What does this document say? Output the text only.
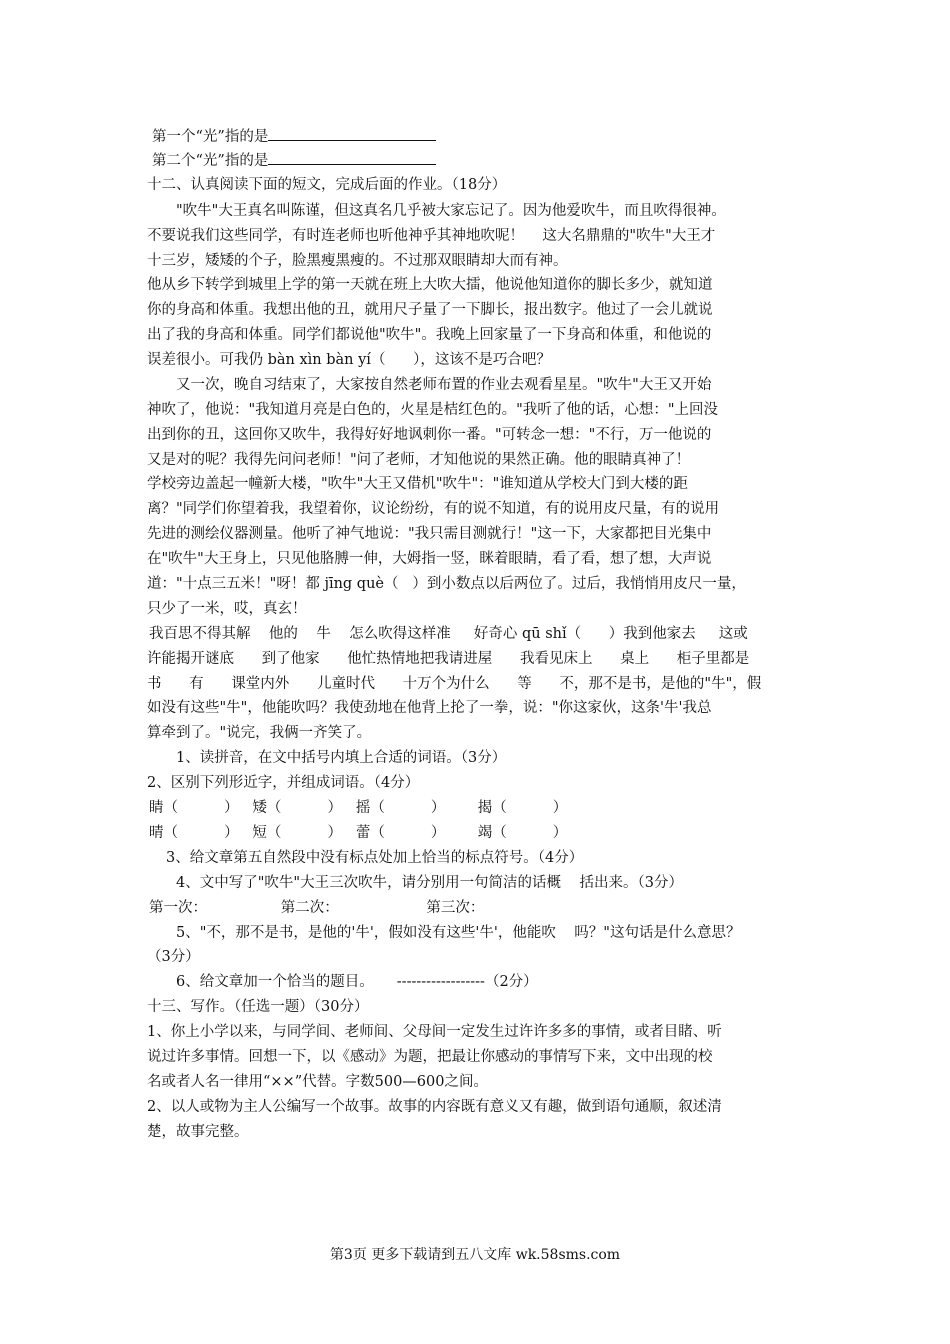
第一个“光”指的是
第二个“光”指的是
十二、认真阅读下面的短文，完成后面的作业。（18分）
"吹牛"大王真名叫陈谨，但这真名几乎被大家忘记了。因为他爱吹牛，而且吹得很神。
不要说我们这些同学，有时连老师也听他神乎其神地吹呢！    这大名鼎鼎的"吹牛"大王才
十三岁，矮矮的个子，脸黑瘦黑瘦的。不过那双眼睛却大而有神。
他从乡下转学到城里上学的第一天就在班上大吹大擂，他说他知道你的脚长多少，就知道
你的身高和体重。我想出他的丑，就用尺子量了一下脚长，报出数字。他过了一会儿就说
出了我的身高和体重。同学们都说他"吹牛"。我晚上回家量了一下身高和体重，和他说的
误差很小。可我仍 bàn xìn bàn yí（      ），这该不是巧合吧？
又一次，晚自习结束了，大家按自然老师布置的作业去观看星星。"吹牛"大王又开始
神吹了，他说："我知道月亮是白色的，火星是桔红色的。"我听了他的话，心想："上回没
出到你的丑，这回你又吹牛，我得好好地讽刺你一番。"可转念一想："不行，万一他说的
又是对的呢？我得先问问老师！"问了老师，才知他说的果然正确。他的眼睛真神了！
学校旁边盖起一幢新大楼，"吹牛"大王又借机"吹牛"："谁知道从学校大门到大楼的距
离？"同学们你望着我，我望着你，议论纷纷，有的说不知道，有的说用皮尺量，有的说用
先进的测绘仪器测量。他听了神气地说："我只需目测就行！"这一下，大家都把目光集中
在"吹牛"大王身上，只见他胳膊一伸，大姆指一竖，眯着眼睛，看了看，想了想，大声说
道："十点三五米！"呀！都 jīng què（   ）到小数点以后两位了。过后，我悄悄用皮尺一量，
只少了一米，哎，真玄！
我百思不得其解    他的    牛    怎么吹得这样准     好奇心 qū shǐ（      ）我到他家去     这或
许能揭开谜底      到了他家      他忙热情地把我请进屋      我看见床上      桌上      柜子里都是
书      有      课堂内外      儿童时代      十万个为什么      等      不，那不是书，是他的"牛"，假
如没有这些"牛"，他能吹吗？我使劲地在他背上抡了一拳，说："你这家伙，这条'牛'我总
算牵到了。"说完，我俩一齐笑了。
1、读拼音，在文中括号内填上合适的词语。（3分）
2、区别下列形近字，并组成词语。（4分）
睛（          ）   矮（          ）   摇（          ）       揭（          ）
晴（          ）   短（          ）   蕾（          ）       竭（          ）
3、给文章第五自然段中没有标点处加上恰当的标点符号。（4分）
4、文中写了"吹牛"大王三次吹牛，请分别用一句简洁的话概    括出来。（3分）
第一次：                第二次：                   第三次：
5、"不，那不是书，是他的'牛'，假如没有这些'牛'，他能吹    吗？"这句话是什么意思？
（3分）
6、给文章加一个恰当的题目。     ------------------（2分）
十三、写作。（任选一题）（30分）
1、你上小学以来，与同学间、老师间、父母间一定发生过许许多多的事情，或者目睹、听
说过许多事情。回想一下，以《感动》为题，把最让你感动的事情写下来，文中出现的校
名或者人名一律用“××”代替。字数500—600之间。
2、以人或物为主人公编写一个故事。故事的内容既有意义又有趣，做到语句通顺，叙述清
楚，故事完整。
第3页 更多下载请到五八文库 wk.58sms.com
